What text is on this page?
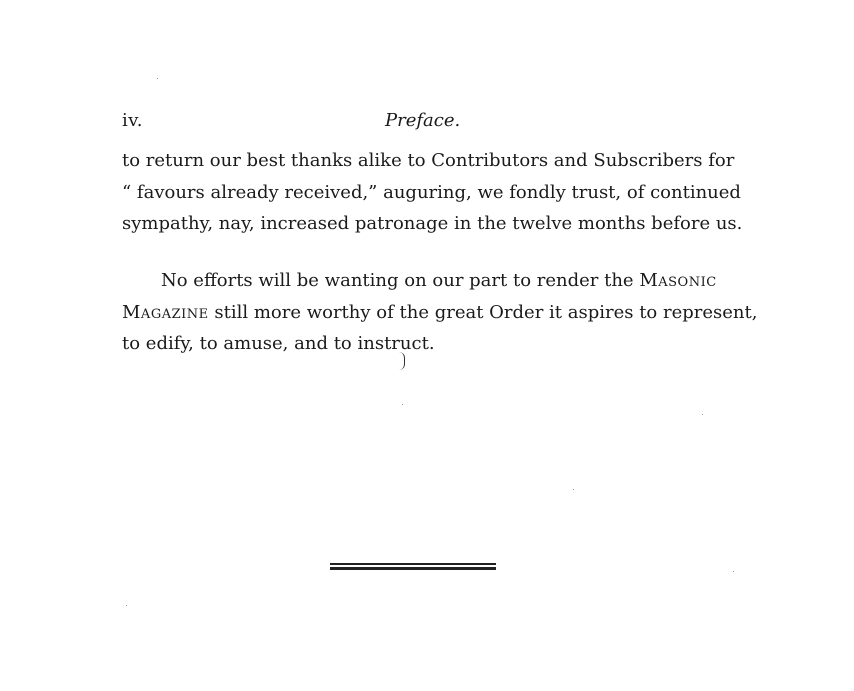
iv.	Preface.
to return our best thanks alike to Contributors and Subscribers for
“ favours already received,” auguring, we fondly trust, of continued
sympathy, nay, increased patronage in the twelve months before us.
No efforts will be wanting on our part to render the Masonic
Magazine still more worthy of the great Order it aspires to represent,
to edify, to amuse, and to instruct.
